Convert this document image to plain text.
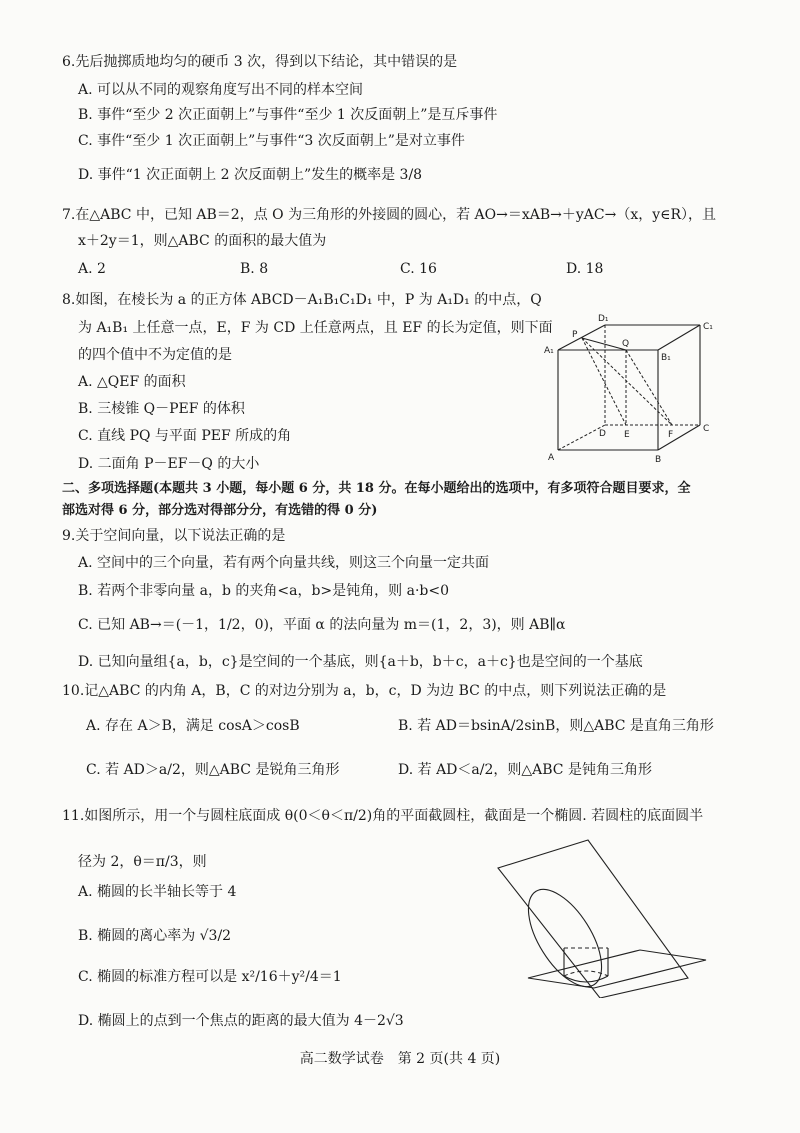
6.先后抛掷质地均匀的硬币 3 次，得到以下结论，其中错误的是
A. 可以从不同的观察角度写出不同的样本空间
B. 事件“至少 2 次正面朝上”与事件“至少 1 次反面朝上”是互斥事件
C. 事件“至少 1 次正面朝上”与事件“3 次反面朝上”是对立事件
D. 事件“1 次正面朝上 2 次反面朝上”发生的概率是 3/8
7.在△ABC 中，已知 AB＝2，点 O 为三角形的外接圆的圆心，若 AO→＝xAB→＋yAC→（x，y∈R），且
x＋2y＝1，则△ABC 的面积的最大值为
A. 2	B. 8	C. 16	D. 18
8.如图，在棱长为 a 的正方体 ABCD－A₁B₁C₁D₁ 中，P 为 A₁D₁ 的中点，Q
为 A₁B₁ 上任意一点，E，F 为 CD 上任意两点，且 EF 的长为定值，则下面
的四个值中不为定值的是
A. △QEF 的面积
B. 三棱锥 Q－PEF 的体积
C. 直线 PQ 与平面 PEF 所成的角
D. 二面角 P－EF－Q 的大小
D₁
C₁
A₁
B₁
P
Q
D E	F
C
A	B
二、多项选择题(本题共 3 小题，每小题 6 分，共 18 分。在每小题给出的选项中，有多项符合题目要求，全
部选对得 6 分，部分选对得部分分，有选错的得 0 分)
9.关于空间向量，以下说法正确的是
A. 空间中的三个向量，若有两个向量共线，则这三个向量一定共面
B. 若两个非零向量 a，b 的夹角<a，b>是钝角，则 a·b<0
C. 已知 AB→＝(－1，1/2，0)，平面 α 的法向量为 m＝(1，2，3)，则 AB∥α
D. 已知向量组{a，b，c}是空间的一个基底，则{a＋b，b＋c，a＋c}也是空间的一个基底
10.记△ABC 的内角 A，B，C 的对边分别为 a，b，c，D 为边 BC 的中点，则下列说法正确的是
A. 存在 A＞B，满足 cosA＞cosB	B. 若 AD＝bsinA/2sinB，则△ABC 是直角三角形
C. 若 AD＞a/2，则△ABC 是锐角三角形	D. 若 AD＜a/2，则△ABC 是钝角三角形
11.如图所示，用一个与圆柱底面成 θ(0＜θ＜π/2)角的平面截圆柱，截面是一个椭圆. 若圆柱的底面圆半
径为 2，θ＝π/3，则
A. 椭圆的长半轴长等于 4
B. 椭圆的离心率为 √3/2
C. 椭圆的标准方程可以是 x²/16＋y²/4＝1
D. 椭圆上的点到一个焦点的距离的最大值为 4－2√3
高二数学试卷　第 2 页(共 4 页)
